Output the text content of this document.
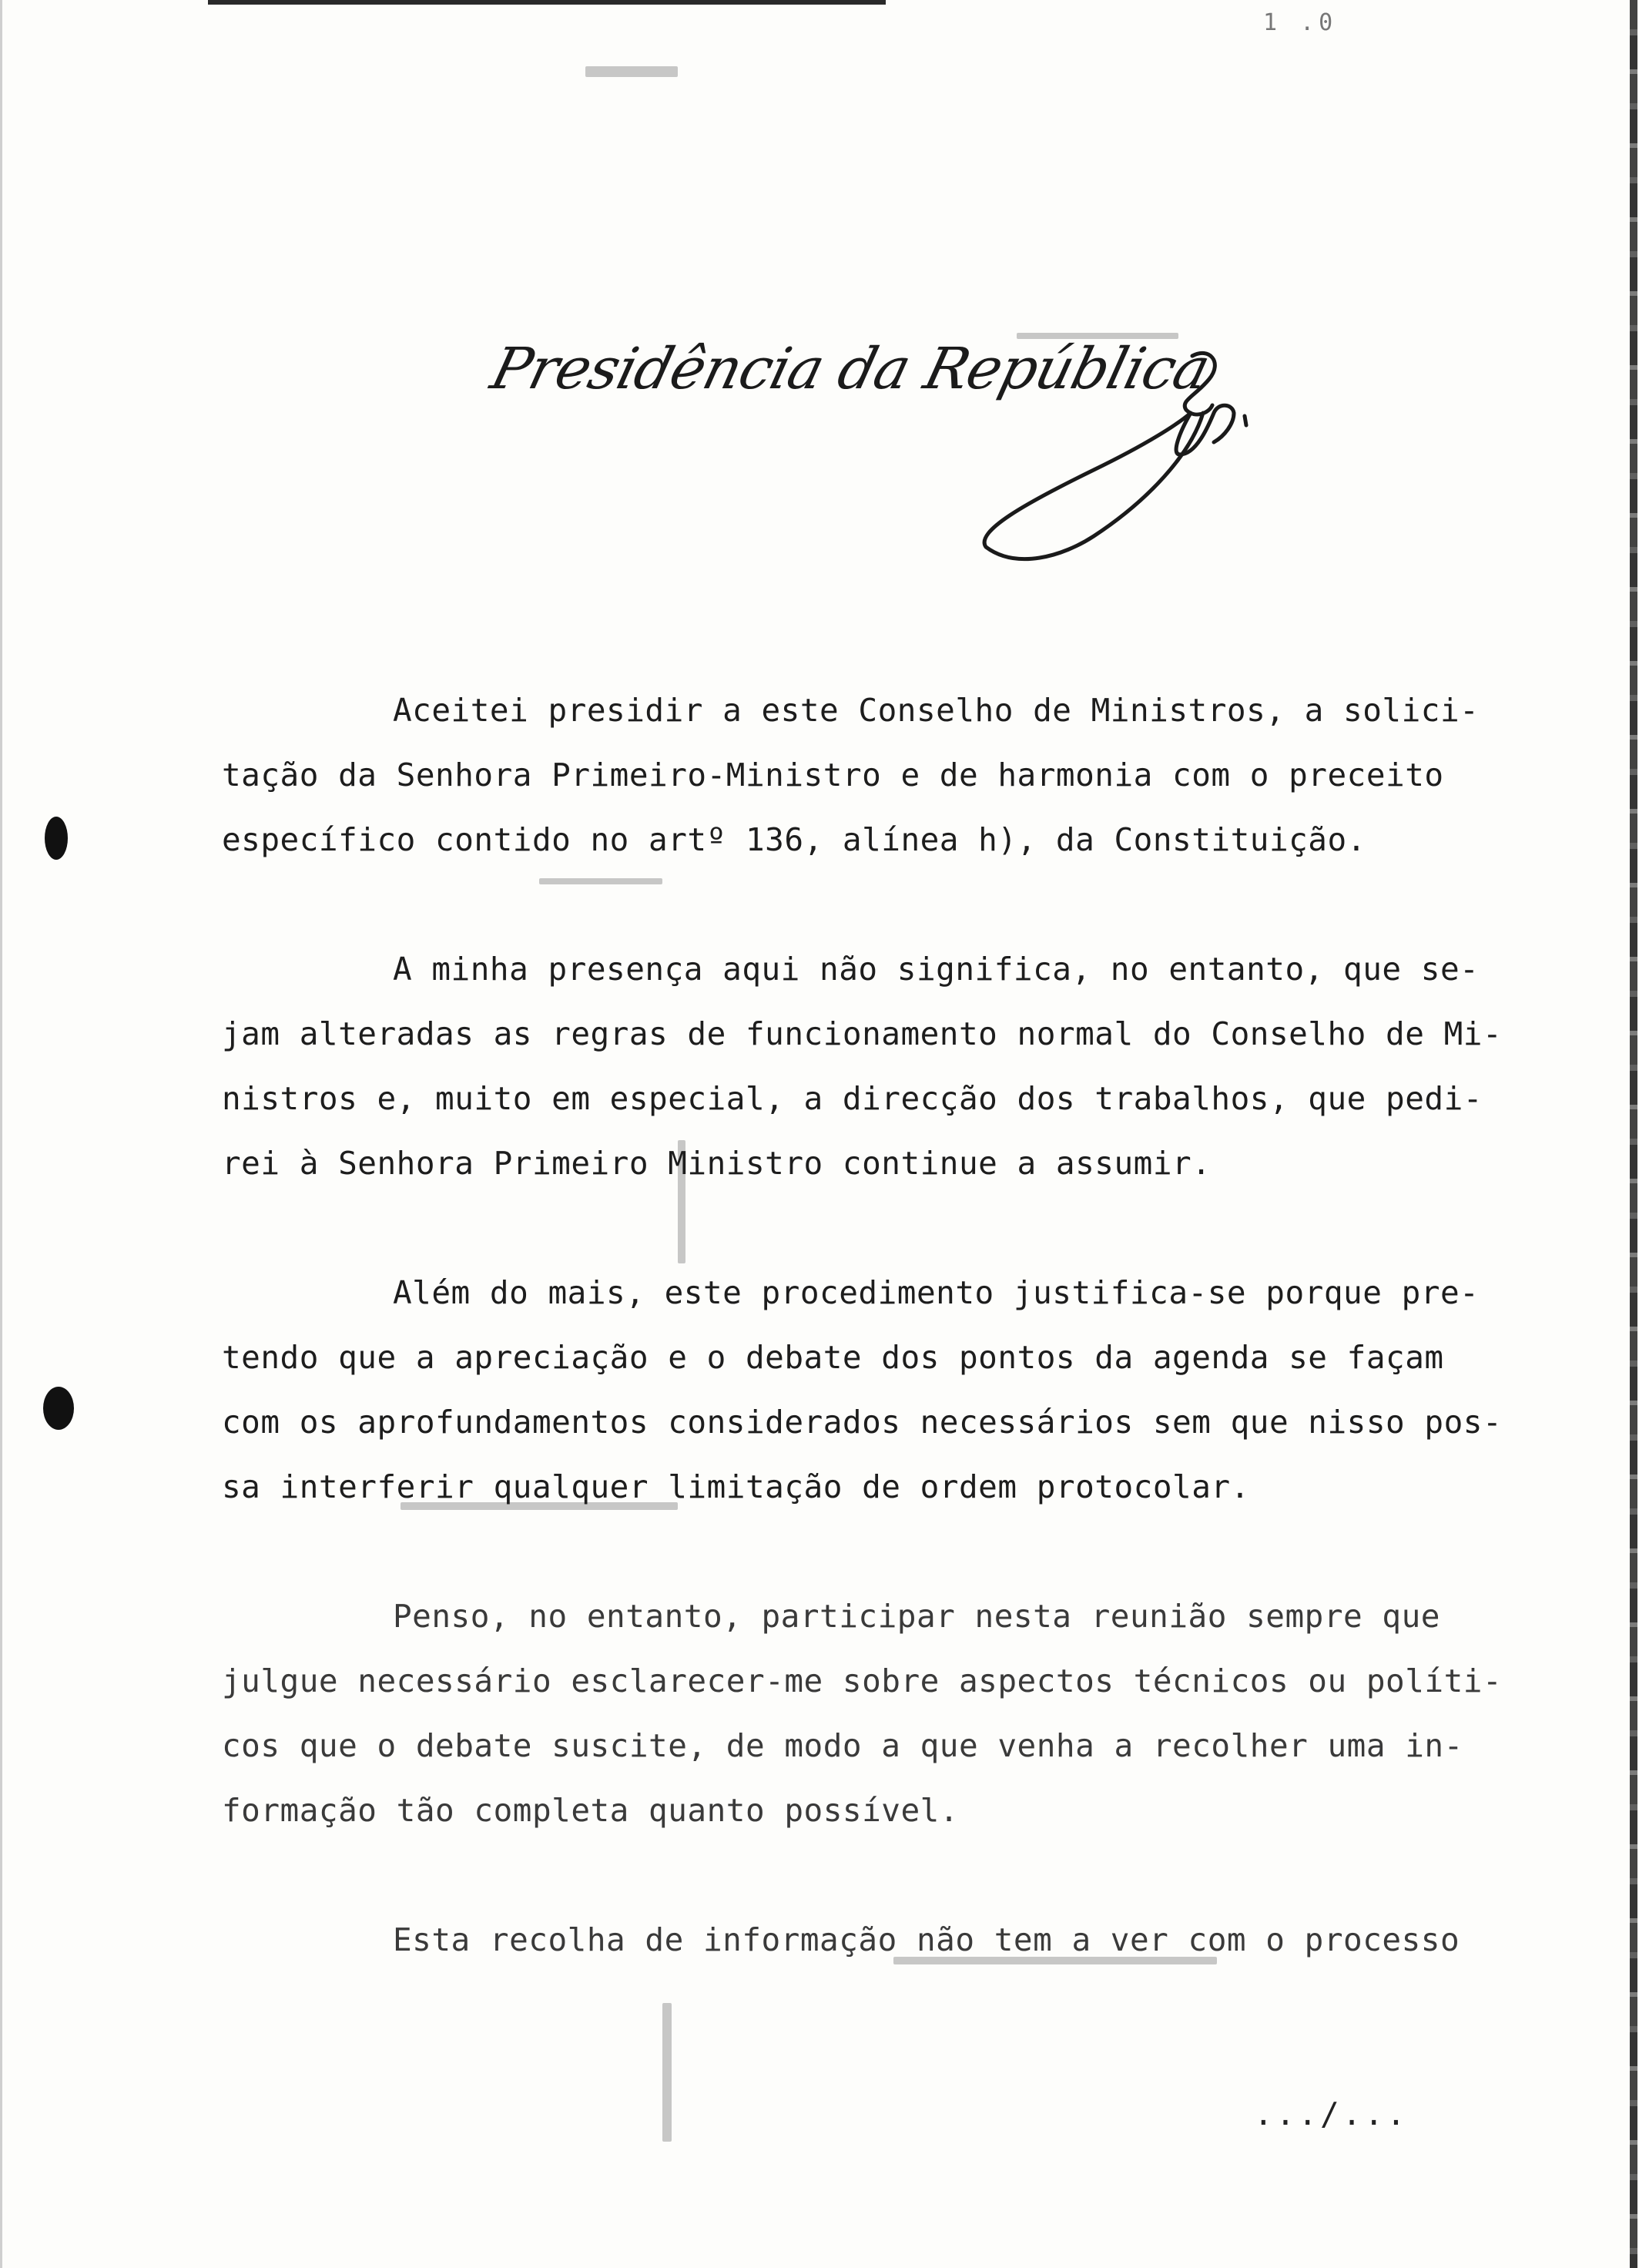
1 .0
Presidência da República
Aceitei presidir a este Conselho de Ministros, a solici-
tação da Senhora Primeiro-Ministro e de harmonia com o preceito
específico contido no artº 136, alínea h), da Constituição.
A minha presença aqui não significa, no entanto, que se-
jam alteradas as regras de funcionamento normal do Conselho de Mi-
nistros e, muito em especial, a direcção dos trabalhos, que pedi-
rei à Senhora Primeiro Ministro continue a assumir.
Além do mais, este procedimento justifica-se porque pre-
tendo que a apreciação e o debate dos pontos da agenda se façam
com os aprofundamentos considerados necessários sem que nisso pos-
sa interferir qualquer limitação de ordem protocolar.
Penso, no entanto, participar nesta reunião sempre que
julgue necessário esclarecer-me sobre aspectos técnicos ou políti-
cos que o debate suscite, de modo a que venha a recolher uma in-
formação tão completa quanto possível.
Esta recolha de informação não tem a ver com o processo
.../...
